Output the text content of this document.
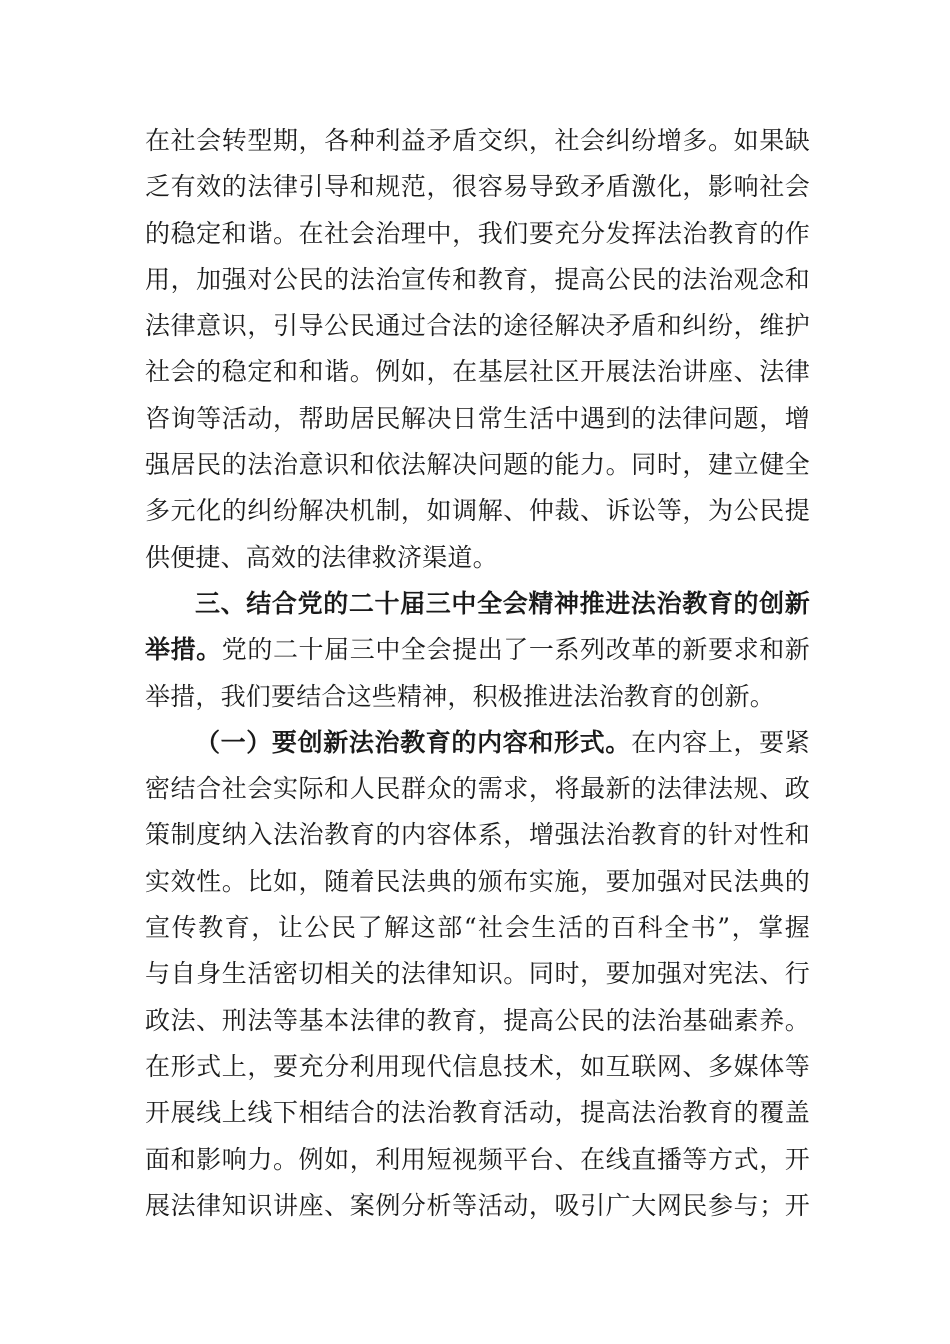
在社会转型期，各种利益矛盾交织，社会纠纷增多。如果缺
乏有效的法律引导和规范，很容易导致矛盾激化，影响社会
的稳定和谐。在社会治理中，我们要充分发挥法治教育的作
用，加强对公民的法治宣传和教育，提高公民的法治观念和
法律意识，引导公民通过合法的途径解决矛盾和纠纷，维护
社会的稳定和和谐。例如，在基层社区开展法治讲座、法律
咨询等活动，帮助居民解决日常生活中遇到的法律问题，增
强居民的法治意识和依法解决问题的能力。同时，建立健全
多元化的纠纷解决机制，如调解、仲裁、诉讼等，为公民提
供便捷、高效的法律救济渠道。
三、结合党的二十届三中全会精神推进法治教育的创新
举措。党的二十届三中全会提出了一系列改革的新要求和新
举措，我们要结合这些精神，积极推进法治教育的创新。
（一）要创新法治教育的内容和形式。在内容上，要紧
密结合社会实际和人民群众的需求，将最新的法律法规、政
策制度纳入法治教育的内容体系，增强法治教育的针对性和
实效性。比如，随着民法典的颁布实施，要加强对民法典的
宣传教育，让公民了解这部“社会生活的百科全书”，掌握
与自身生活密切相关的法律知识。同时，要加强对宪法、行
政法、刑法等基本法律的教育，提高公民的法治基础素养。
在形式上，要充分利用现代信息技术，如互联网、多媒体等
开展线上线下相结合的法治教育活动，提高法治教育的覆盖
面和影响力。例如，利用短视频平台、在线直播等方式，开
展法律知识讲座、案例分析等活动，吸引广大网民参与；开
